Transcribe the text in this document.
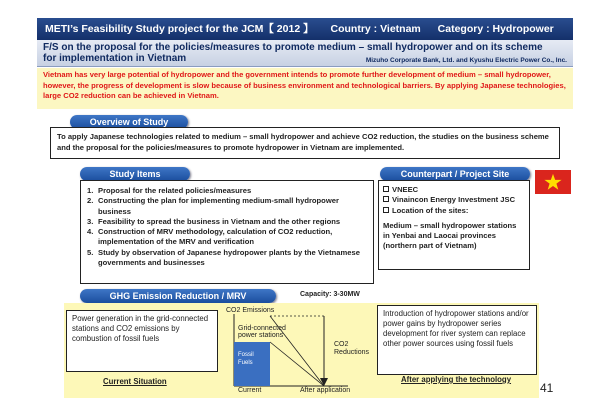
METI’s Feasibility Study project for the JCM【 2012 】 Country : Vietnam Category : Hydropower
F/S on the proposal for the policies/measures to promote medium – small hydropower and on its scheme
for implementation in Vietnam	Mizuho Corporate Bank, Ltd. and Kyushu Electric Power Co., Inc.
Vietnam has very large potential of hydropower and the government intends to promote further development of medium – small hydropower, however, the progress of development is slow because of business environment and technological barriers. By applying Japanese technologies, large CO2 reduction can be achieved in Vietnam.
Overview of Study
To apply Japanese technologies related to medium – small hydropower and achieve CO2 reduction, the studies on the business scheme and the proposal for the policies/measures to promote hydropower in Vietnam are implemented.
Study Items
1. Proposal for the related policies/measures
2. Constructing the plan for implementing medium-small hydropower business
3. Feasibility to spread the business in Vietnam and the other regions
4. Construction of MRV methodology, calculation of CO2 reduction, implementation of the MRV and verification
5. Study by observation of Japanese hydropower plants by the Vietnamese governments and businesses
Counterpart / Project Site
VNEEC
Vinaincon Energy Investment JSC
Location of the sites:
Medium – small hydropower stations in Yenbai and Laocai provinces (northern part of Vietnam)
GHG Emission Reduction / MRV	Capacity: 3-30MW
Power generation in the grid-connected stations and CO2 emissions by combustion of fossil fuels
Current Situation
Introduction of hydropower stations and/or power gains by hydropower series development for river system can replace other power sources using fossil fuels
After applying the technology
CO2 Emissions
Fossil
Fuels
Grid-connected
power stations
CO2
Reductions
Current	After application	41
